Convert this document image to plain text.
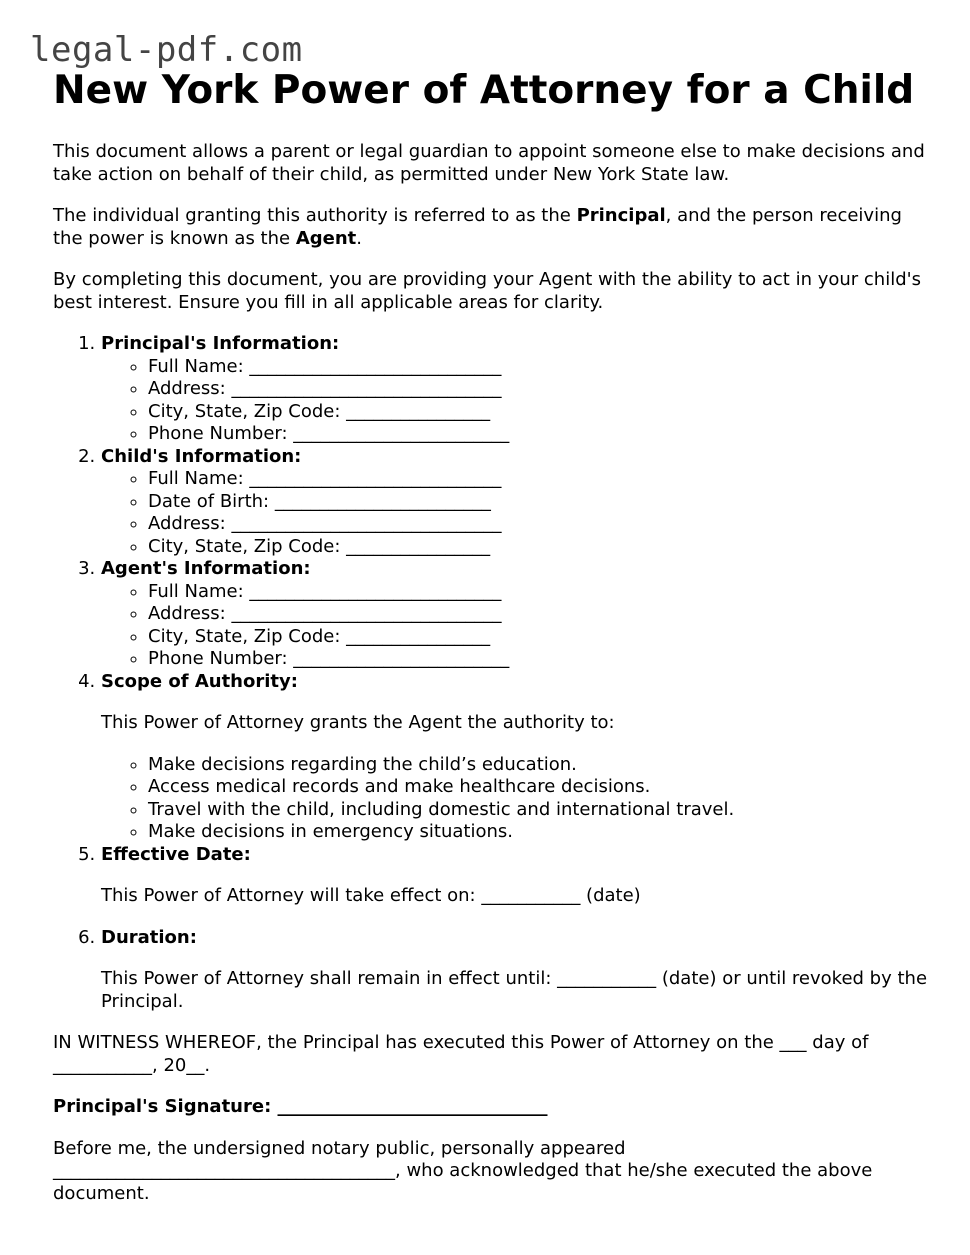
legal-pdf.com
New York Power of Attorney for a Child

This document allows a parent or legal guardian to appoint someone else to make decisions and take action on behalf of their child, as permitted under New York State law.

The individual granting this authority is referred to as the Principal, and the person receiving the power is known as the Agent.

By completing this document, you are providing your Agent with the ability to act in your child's best interest. Ensure you fill in all applicable areas for clarity.

1. Principal's Information:
◦ Full Name: ____________________________
◦ Address: ______________________________
◦ City, State, Zip Code: ________________
◦ Phone Number: ________________________
2. Child's Information:
◦ Full Name: ____________________________
◦ Date of Birth: ________________________
◦ Address: ______________________________
◦ City, State, Zip Code: ________________
3. Agent's Information:
◦ Full Name: ____________________________
◦ Address: ______________________________
◦ City, State, Zip Code: ________________
◦ Phone Number: ________________________
4. Scope of Authority:
This Power of Attorney grants the Agent the authority to:
◦ Make decisions regarding the child’s education.
◦ Access medical records and make healthcare decisions.
◦ Travel with the child, including domestic and international travel.
◦ Make decisions in emergency situations.
5. Effective Date:
This Power of Attorney will take effect on: ___________ (date)
6. Duration:
This Power of Attorney shall remain in effect until: ___________ (date) or until revoked by the Principal.

IN WITNESS WHEREOF, the Principal has executed this Power of Attorney on the ___ day of ___________, 20__.

Principal's Signature: ______________________________

Before me, the undersigned notary public, personally appeared ______________________________________, who acknowledged that he/she executed the above document.
